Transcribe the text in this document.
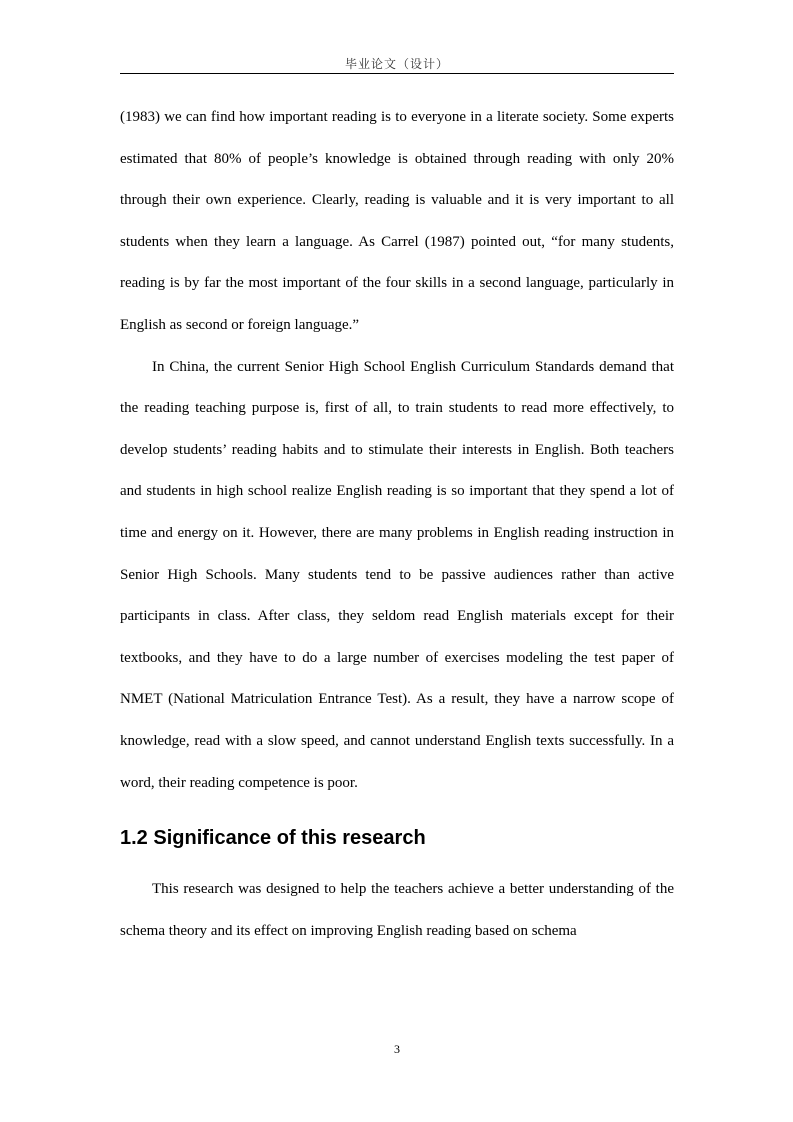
毕业论文（设计）

(1983) we can find how important reading is to everyone in a literate society. Some experts estimated that 80% of people’s knowledge is obtained through reading with only 20% through their own experience. Clearly, reading is valuable and it is very important to all students when they learn a language. As Carrel (1987) pointed out, “for many students, reading is by far the most important of the four skills in a second language, particularly in English as second or foreign language.”

In China, the current Senior High School English Curriculum Standards demand that the reading teaching purpose is, first of all, to train students to read more effectively, to develop students’ reading habits and to stimulate their interests in English. Both teachers and students in high school realize English reading is so important that they spend a lot of time and energy on it. However, there are many problems in English reading instruction in Senior High Schools. Many students tend to be passive audiences rather than active participants in class. After class, they seldom read English materials except for their textbooks, and they have to do a large number of exercises modeling the test paper of NMET (National Matriculation Entrance Test). As a result, they have a narrow scope of knowledge, read with a slow speed, and cannot understand English texts successfully. In a word, their reading competence is poor.

1.2 Significance of this research

This research was designed to help the teachers achieve a better understanding of the schema theory and its effect on improving English reading based on schema

3
